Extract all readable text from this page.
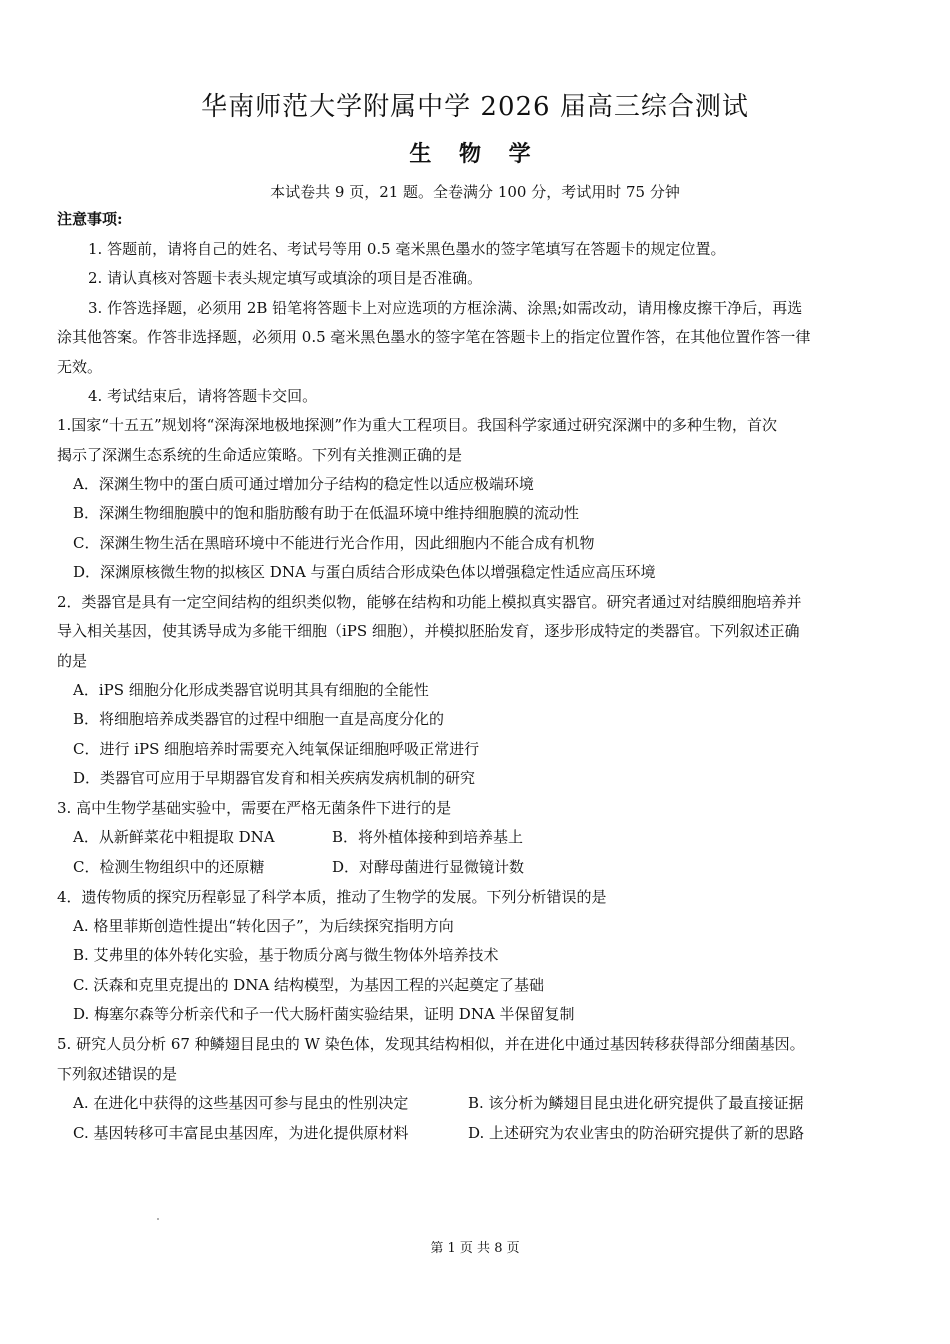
华南师范大学附属中学 2026 届高三综合测试
生 物 学
本试卷共 9 页，21 题。全卷满分 100 分，考试用时 75 分钟
注意事项:
1. 答题前，请将自己的姓名、考试号等用 0.5 毫米黑色墨水的签字笔填写在答题卡的规定位置。
2. 请认真核对答题卡表头规定填写或填涂的项目是否准确。
3. 作答选择题，必须用 2B 铅笔将答题卡上对应选项的方框涂满、涂黑;如需改动，请用橡皮擦干净后，再选
涂其他答案。作答非选择题，必须用 0.5 毫米黑色墨水的签字笔在答题卡上的指定位置作答，在其他位置作答一律
无效。
4. 考试结束后，请将答题卡交回。
1.国家“十五五”规划将“深海深地极地探测”作为重大工程项目。我国科学家通过研究深渊中的多种生物，首次
揭示了深渊生态系统的生命适应策略。下列有关推测正确的是
A．深渊生物中的蛋白质可通过增加分子结构的稳定性以适应极端环境
B．深渊生物细胞膜中的饱和脂肪酸有助于在低温环境中维持细胞膜的流动性
C．深渊生物生活在黑暗环境中不能进行光合作用，因此细胞内不能合成有机物
D．深渊原核微生物的拟核区 DNA 与蛋白质结合形成染色体以增强稳定性适应高压环境
2．类器官是具有一定空间结构的组织类似物，能够在结构和功能上模拟真实器官。研究者通过对结膜细胞培养并
导入相关基因，使其诱导成为多能干细胞（iPS 细胞），并模拟胚胎发育，逐步形成特定的类器官。下列叙述正确
的是
A．iPS 细胞分化形成类器官说明其具有细胞的全能性
B．将细胞培养成类器官的过程中细胞一直是高度分化的
C．进行 iPS 细胞培养时需要充入纯氧保证细胞呼吸正常进行
D．类器官可应用于早期器官发育和相关疾病发病机制的研究
3. 高中生物学基础实验中，需要在严格无菌条件下进行的是
A．从新鲜菜花中粗提取 DNA	B．将外植体接种到培养基上
C．检测生物组织中的还原糖	D．对酵母菌进行显微镜计数
4．遗传物质的探究历程彰显了科学本质，推动了生物学的发展。下列分析错误的是
A. 格里菲斯创造性提出“转化因子”，为后续探究指明方向
B. 艾弗里的体外转化实验，基于物质分离与微生物体外培养技术
C. 沃森和克里克提出的 DNA 结构模型，为基因工程的兴起奠定了基础
D. 梅塞尔森等分析亲代和子一代大肠杆菌实验结果，证明 DNA 半保留复制
5. 研究人员分析 67 种鳞翅目昆虫的 W 染色体，发现其结构相似，并在进化中通过基因转移获得部分细菌基因。
下列叙述错误的是
A. 在进化中获得的这些基因可参与昆虫的性别决定	B. 该分析为鳞翅目昆虫进化研究提供了最直接证据
C. 基因转移可丰富昆虫基因库，为进化提供原材料	D. 上述研究为农业害虫的防治研究提供了新的思路
第 1 页 共 8 页
